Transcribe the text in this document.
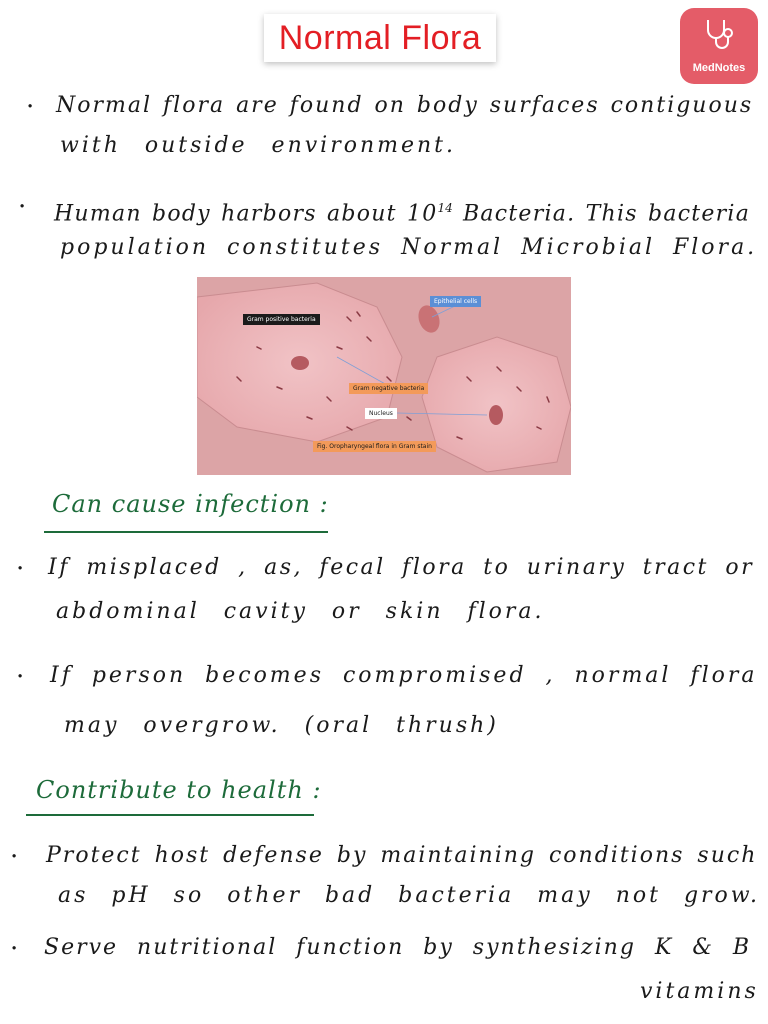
Normal Flora
MedNotes
· Normal flora are found on body surfaces contiguous
with outside environment.
· Human body harbors about $10^{14}$ Bacteria. This bacteria
population constitutes Normal Microbial Flora.
Gram positive bacteria
Epithelial cells
Gram negative bacteria
Nucleus
Fig. Oropharyngeal flora in Gram stain
Can cause infection :
· If misplaced , as, fecal flora to urinary tract or
abdominal cavity or skin flora.
· If person becomes compromised , normal flora
may overgrow. (oral thrush)
Contribute to health :
· Protect host defense by maintaining conditions such
as pH so other bad bacteria may not grow.
· Serve nutritional function by synthesizing K & B
vitamins
